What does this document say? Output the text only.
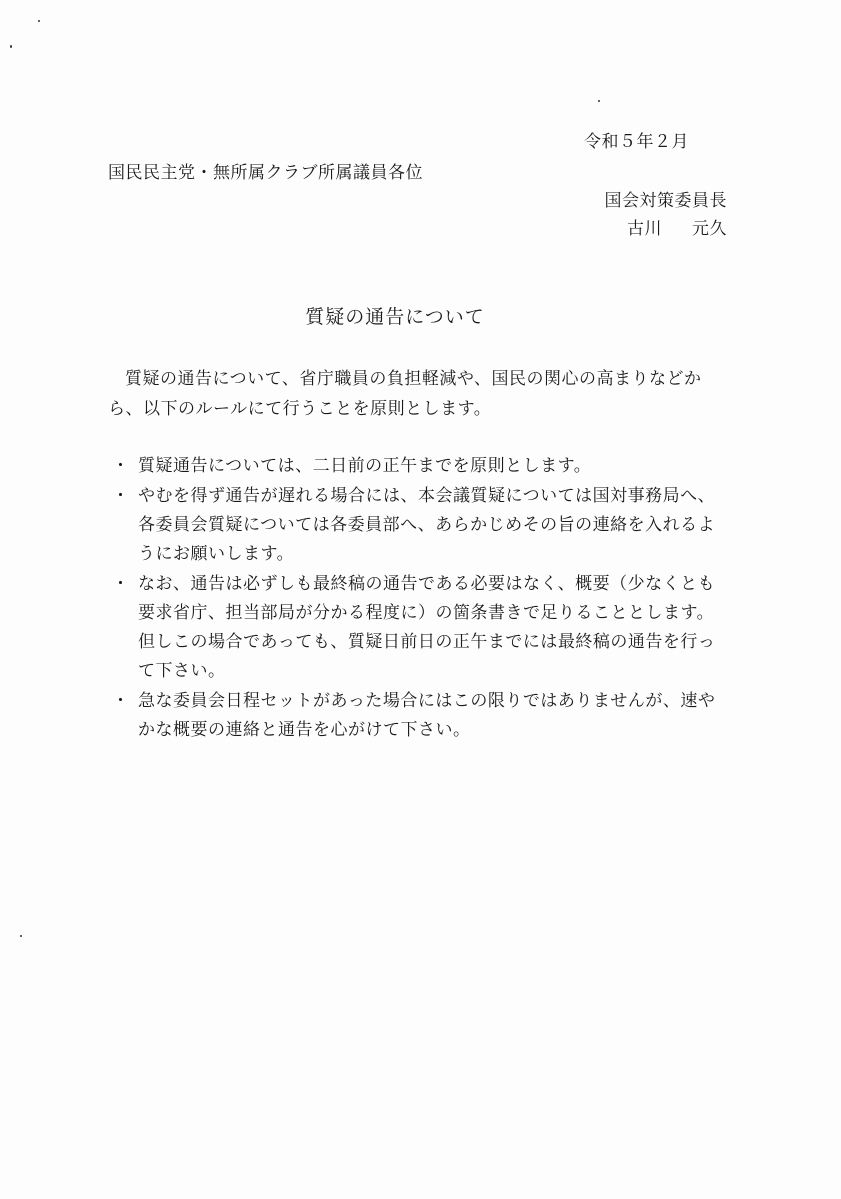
令和５年２月
国民民主党・無所属クラブ所属議員各位
国会対策委員長
古川 元久
質疑の通告について
質疑の通告について、省庁職員の負担軽減や、国民の関心の高まりなどから、以下のルールにて行うことを原則とします。
・ 質疑通告については、二日前の正午までを原則とします。
・ やむを得ず通告が遅れる場合には、本会議質疑については国対事務局へ、各委員会質疑については各委員部へ、あらかじめその旨の連絡を入れるようにお願いします。
・ なお、通告は必ずしも最終稿の通告である必要はなく、概要（少なくとも要求省庁、担当部局が分かる程度に）の箇条書きで足りることとします。但しこの場合であっても、質疑日前日の正午までには最終稿の通告を行って下さい。
・ 急な委員会日程セットがあった場合にはこの限りではありませんが、速やかな概要の連絡と通告を心がけて下さい。
